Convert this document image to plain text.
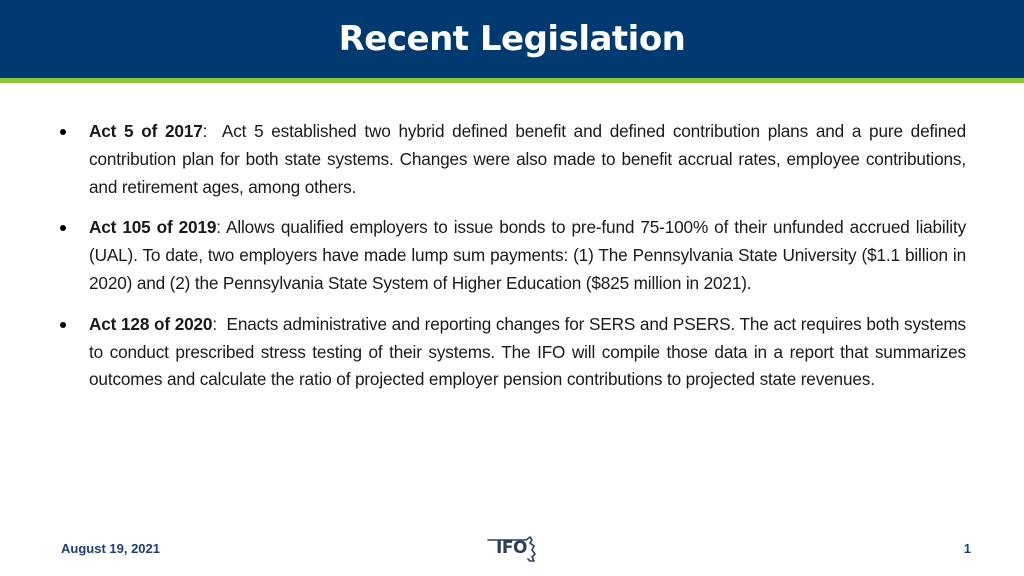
Recent Legislation
Act 5 of 2017:  Act 5 established two hybrid defined benefit and defined contribution plans and a pure defined contribution plan for both state systems. Changes were also made to benefit accrual rates, employee contributions, and retirement ages, among others.
Act 105 of 2019: Allows qualified employers to issue bonds to pre-fund 75-100% of their unfunded accrued liability (UAL). To date, two employers have made lump sum payments: (1) The Pennsylvania State University ($1.1 billion in 2020) and (2) the Pennsylvania State System of Higher Education ($825 million in 2021).
Act 128 of 2020:  Enacts administrative and reporting changes for SERS and PSERS. The act requires both systems to conduct prescribed stress testing of their systems. The IFO will compile those data in a report that summarizes outcomes and calculate the ratio of projected employer pension contributions to projected state revenues.
August 19, 2021	IFO	1
